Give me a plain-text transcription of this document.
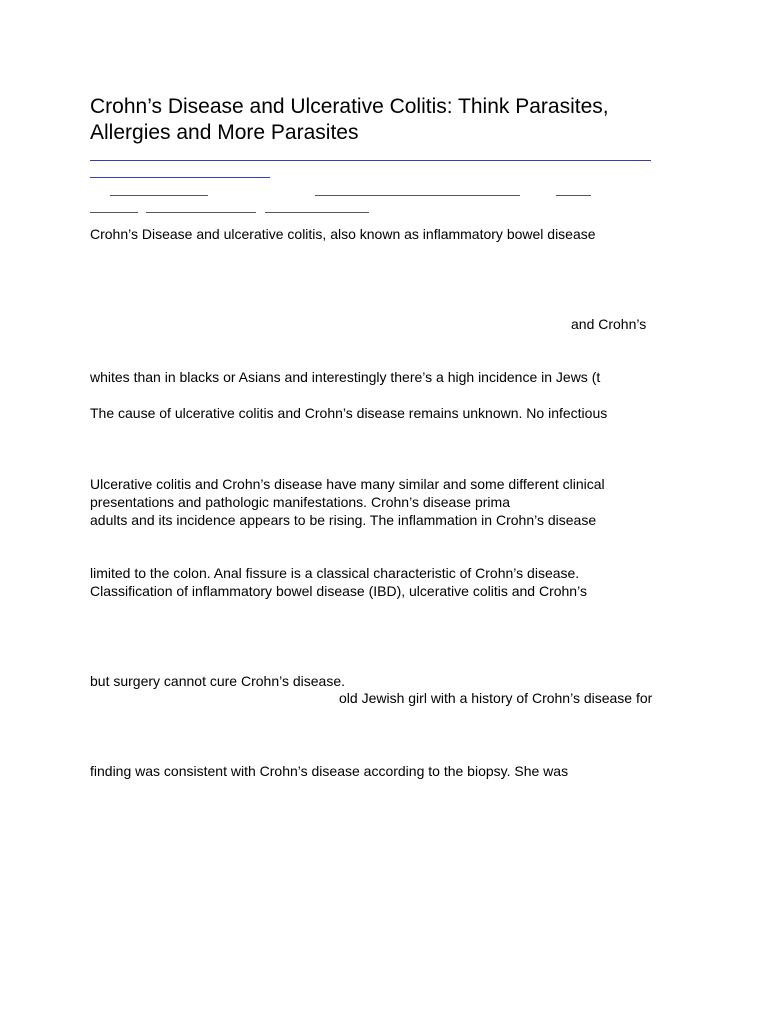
Crohn’s Disease and Ulcerative Colitis: Think Parasites, Allergies and More Parasites
Crohn’s Disease and ulcerative colitis, also known as inflammatory bowel disease
and Crohn’s
whites than in blacks or Asians and interestingly there’s a high incidence in Jews (t
The cause of ulcerative colitis and Crohn’s disease remains unknown. No infectious
Ulcerative colitis and Crohn’s disease have many similar and some different clinical
presentations and pathologic manifestations. Crohn’s disease prima
adults and its incidence appears to be rising. The inflammation in Crohn’s disease
limited to the colon. Anal fissure is a classical characteristic of Crohn’s disease.
Classification of inflammatory bowel disease (IBD), ulcerative colitis and Crohn’s
but surgery cannot cure Crohn’s disease.
old Jewish girl with a history of Crohn’s disease for
finding was consistent with Crohn’s disease according to the biopsy. She was
